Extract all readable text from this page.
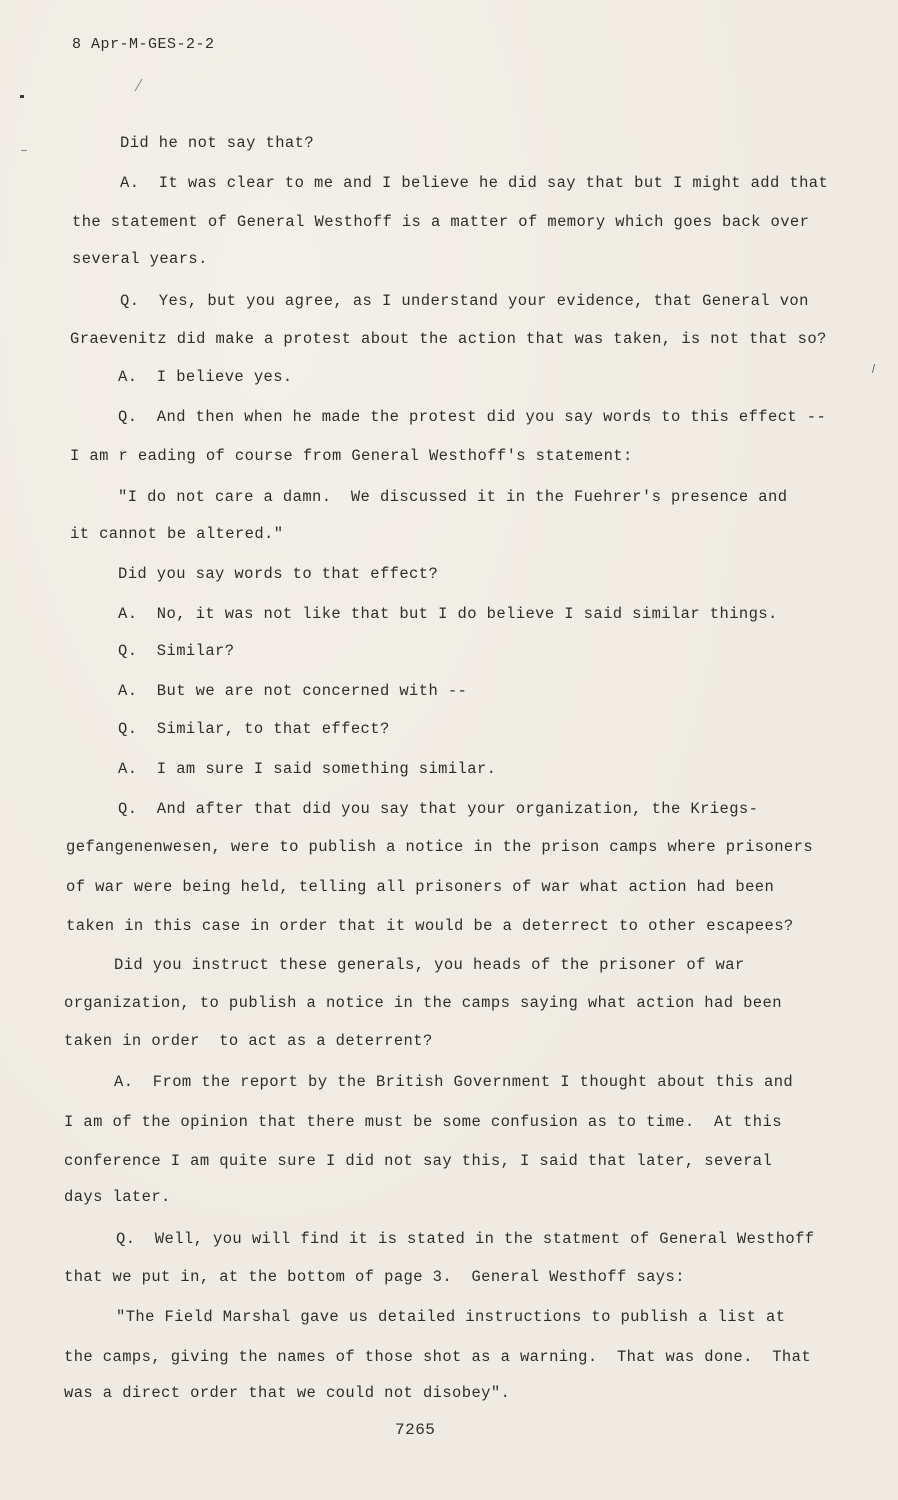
8 Apr-M-GES-2-2

Did he not say that?

A.  It was clear to me and I believe he did say that but I might add that

the statement of General Westhoff is a matter of memory which goes back over

several years.

Q.  Yes, but you agree, as I understand your evidence, that General von

Graevenitz did make a protest about the action that was taken, is not that so?

A.  I believe yes.

Q.  And then when he made the protest did you say words to this effect --

I am r eading of course from General Westhoff's statement:

"I do not care a damn.  We discussed it in the Fuehrer's presence and

it cannot be altered."

Did you say words to that effect?

A.  No, it was not like that but I do believe I said similar things.

Q.  Similar?

A.  But we are not concerned with --

Q.  Similar, to that effect?

A.  I am sure I said something similar.

Q.  And after that did you say that your organization, the Kriegs-

gefangenenwesen, were to publish a notice in the prison camps where prisoners

of war were being held, telling all prisoners of war what action had been

taken in this case in order that it would be a deterrect to other escapees?

Did you instruct these generals, you heads of the prisoner of war

organization, to publish a notice in the camps saying what action had been

taken in order  to act as a deterrent?

A.  From the report by the British Government I thought about this and

I am of the opinion that there must be some confusion as to time.  At this

conference I am quite sure I did not say this, I said that later, several

days later.

Q.  Well, you will find it is stated in the statment of General Westhoff

that we put in, at the bottom of page 3.  General Westhoff says:

"The Field Marshal gave us detailed instructions to publish a list at

the camps, giving the names of those shot as a warning.  That was done.  That

was a direct order that we could not disobey".

7265
